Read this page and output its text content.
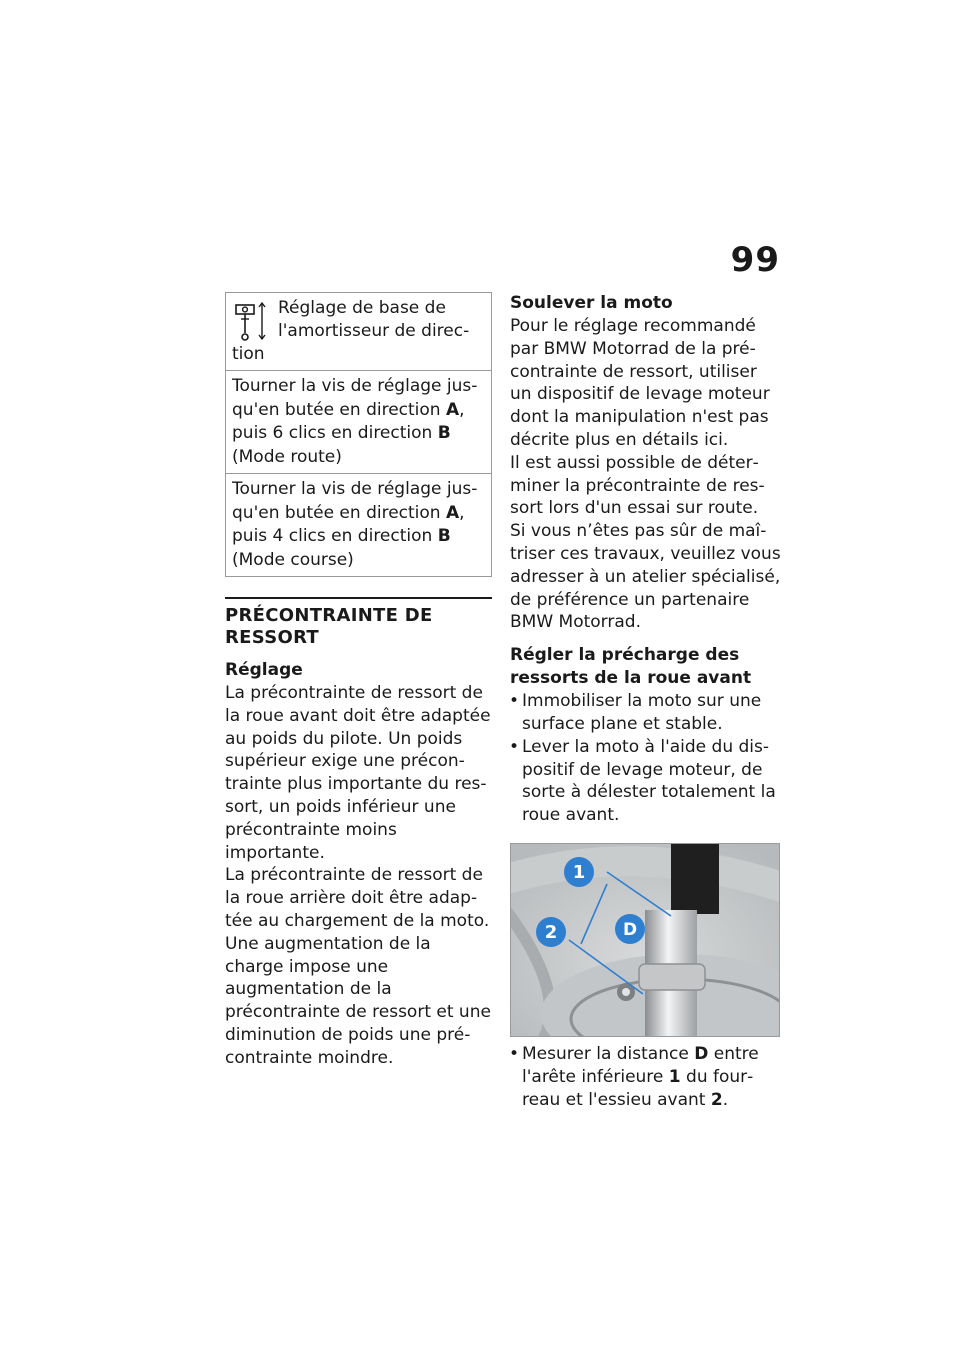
99
Réglage de base de l'amortisseur de direction
Tourner la vis de réglage jusqu'en butée en direction A, puis 6 clics en direction B (Mode route)
Tourner la vis de réglage jusqu'en butée en direction A, puis 4 clics en direction B (Mode course)
PRÉCONTRAINTE DE RESSORT
Réglage
La précontrainte de ressort de la roue avant doit être adaptée au poids du pilote. Un poids supérieur exige une précontrainte plus importante du ressort, un poids inférieur une précontrainte moins importante.
La précontrainte de ressort de la roue arrière doit être adaptée au chargement de la moto. Une augmentation de la charge impose une augmentation de la précontrainte de ressort et une diminution de poids une précontrainte moindre.
Soulever la moto
Pour le réglage recommandé par BMW Motorrad de la précontrainte de ressort, utiliser un dispositif de levage moteur dont la manipulation n'est pas décrite plus en détails ici.
Il est aussi possible de déterminer la précontrainte de ressort lors d'un essai sur route.
Si vous n’êtes pas sûr de maîtriser ces travaux, veuillez vous adresser à un atelier spécialisé, de préférence un partenaire BMW Motorrad.
Régler la précharge des ressorts de la roue avant
• Immobiliser la moto sur une surface plane et stable.
• Lever la moto à l'aide du dispositif de levage moteur, de sorte à délester totalement la roue avant.
1
2	D
• Mesurer la distance D entre l'arête inférieure 1 du fourreau et l'essieu avant 2.
